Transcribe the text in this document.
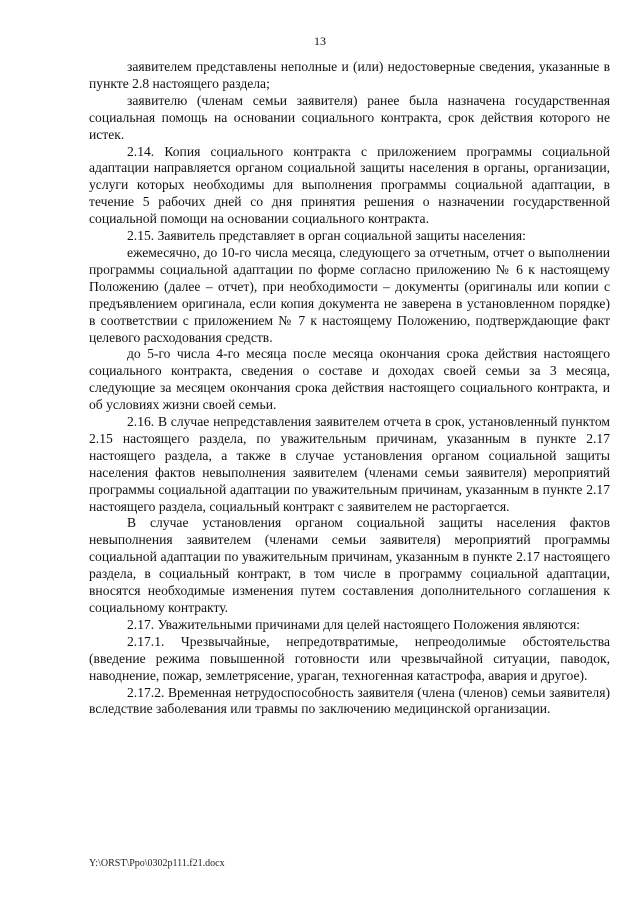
13

заявителем представлены неполные и (или) недостоверные сведения, указанные в пункте 2.8 настоящего раздела;

заявителю (членам семьи заявителя) ранее была назначена государственная социальная помощь на основании социального контракта, срок действия которого не истек.

2.14. Копия социального контракта с приложением программы социальной адаптации направляется органом социальной защиты населения в органы, организации, услуги которых необходимы для выполнения программы социальной адаптации, в течение 5 рабочих дней со дня принятия решения о назначении государственной социальной помощи на основании социального контракта.

2.15. Заявитель представляет в орган социальной защиты населения:

ежемесячно, до 10-го числа месяца, следующего за отчетным, отчет о выполнении программы социальной адаптации по форме согласно приложению № 6 к настоящему Положению (далее – отчет), при необходимости – документы (оригиналы или копии с предъявлением оригинала, если копия документа не заверена в установленном порядке) в соответствии с приложением № 7 к настоящему Положению, подтверждающие факт целевого расходования средств.

до 5-го числа 4-го месяца после месяца окончания срока действия настоящего социального контракта, сведения о составе и доходах своей семьи за 3 месяца, следующие за месяцем окончания срока действия настоящего социального контракта, и об условиях жизни своей семьи.

2.16. В случае непредставления заявителем отчета в срок, установленный пунктом 2.15 настоящего раздела, по уважительным причинам, указанным в пункте 2.17 настоящего раздела, а также в случае установления органом социальной защиты населения фактов невыполнения заявителем (членами семьи заявителя) мероприятий программы социальной адаптации по уважительным причинам, указанным в пункте 2.17 настоящего раздела, социальный контракт с заявителем не расторгается.

В случае установления органом социальной защиты населения фактов невыполнения заявителем (членами семьи заявителя) мероприятий программы социальной адаптации по уважительным причинам, указанным в пункте 2.17 настоящего раздела, в социальный контракт, в том числе в программу социальной адаптации, вносятся необходимые изменения путем составления дополнительного соглашения к социальному контракту.

2.17. Уважительными причинами для целей настоящего Положения являются:

2.17.1. Чрезвычайные, непредотвратимые, непреодолимые обстоятельства (введение режима повышенной готовности или чрезвычайной ситуации, паводок, наводнение, пожар, землетрясение, ураган, техногенная катастрофа, авария и другое).

2.17.2. Временная нетрудоспособность заявителя (члена (членов) семьи заявителя) вследствие заболевания или травмы по заключению медицинской организации.

Y:\ORST\Ppo\0302p111.f21.docx
